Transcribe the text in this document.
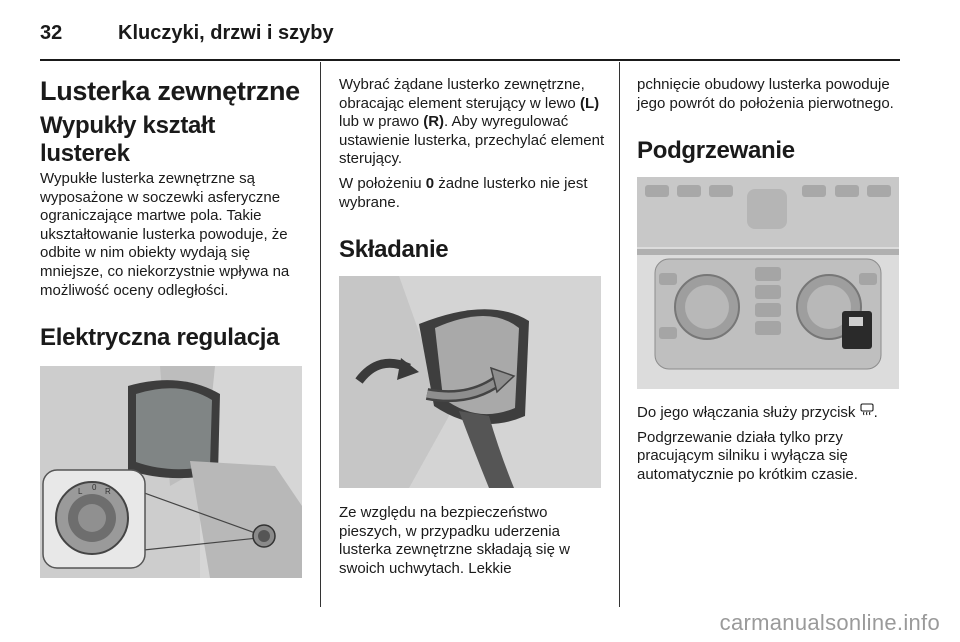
32	Kluczyki, drzwi i szyby
Lusterka zewnętrzne
Wypukły kształt lusterek

Wypukłe lusterka zewnętrzne są wyposażone w soczewki asferyczne ograniczające martwe pola. Takie ukształtowanie lusterka powoduje, że odbite w nim obiekty wydają się mniejsze, co niekorzystnie wpływa na możliwość oceny odległości.

Elektryczna regulacja
L 0 R

Wybrać żądane lusterko zewnętrzne, obracając element sterujący w lewo (L) lub w prawo (R). Aby wyregulować ustawienie lusterka, przechylać element sterujący.

W położeniu 0 żadne lusterko nie jest wybrane.

Składanie

Ze względu na bezpieczeństwo pieszych, w przypadku uderzenia lusterka zewnętrzne składają się w swoich uchwytach. Lekkie

pchnięcie obudowy lusterka powoduje jego powrót do położenia pierwotnego.

Podgrzewanie

Do jego włączania służy przycisk .

Podgrzewanie działa tylko przy pracującym silniku i wyłącza się automatycznie po krótkim czasie.

carmanualsonline.info
